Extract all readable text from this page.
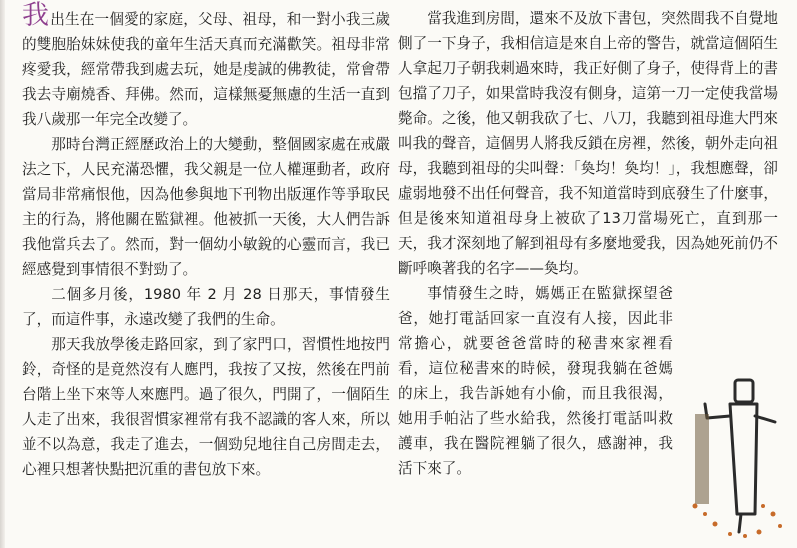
我出生在一個愛的家庭，父母、祖母，和一對小我三歲的雙胞胎妹妹使我的童年生活天真而充滿歡笑。祖母非常疼愛我，經常帶我到處去玩，她是虔誠的佛教徒，常會帶我去寺廟燒香、拜佛。然而，這樣無憂無慮的生活一直到我八歲那一年完全改變了。

那時台灣正經歷政治上的大變動，整個國家處在戒嚴法之下，人民充滿恐懼，我父親是一位人權運動者，政府當局非常痛恨他，因為他參與地下刊物出版運作等爭取民主的行為，將他關在監獄裡。他被抓一天後，大人們告訴我他當兵去了。然而，對一個幼小敏銳的心靈而言，我已經感覺到事情很不對勁了。

二個多月後，1980 年 2 月 28 日那天，事情發生了，而這件事，永遠改變了我們的生命。

那天我放學後走路回家，到了家門口，習慣性地按門鈴，奇怪的是竟然沒有人應門，我按了又按，然後在門前台階上坐下來等人來應門。過了很久，門開了，一個陌生人走了出來，我很習慣家裡常有我不認識的客人來，所以並不以為意，我走了進去，一個勁兒地往自己房間走去，心裡只想著快點把沉重的書包放下來。

當我進到房間，還來不及放下書包，突然間我不自覺地側了一下身子，我相信這是來自上帝的警告，就當這個陌生人拿起刀子朝我刺過來時，我正好側了身子，使得背上的書包擋了刀子，如果當時我沒有側身，這第一刀一定使我當場斃命。之後，他又朝我砍了七、八刀，我聽到祖母進大門來叫我的聲音，這個男人將我反鎖在房裡，然後，朝外走向祖母，我聽到祖母的尖叫聲：「奐均！奐均！」，我想應聲，卻虛弱地發不出任何聲音，我不知道當時到底發生了什麼事，但是後來知道祖母身上被砍了13刀當場死亡，直到那一天，我才深刻地了解到祖母有多麼地愛我，因為她死前仍不斷呼喚著我的名字——奐均。

事情發生之時，媽媽正在監獄探望爸爸，她打電話回家一直沒有人接，因此非常擔心，就要爸爸當時的秘書來家裡看看，這位秘書來的時候，發現我躺在爸媽的床上，我告訴她有小偷，而且我很渴，她用手帕沾了些水給我，然後打電話叫救護車，我在醫院裡躺了很久，感謝神，我活下來了。
